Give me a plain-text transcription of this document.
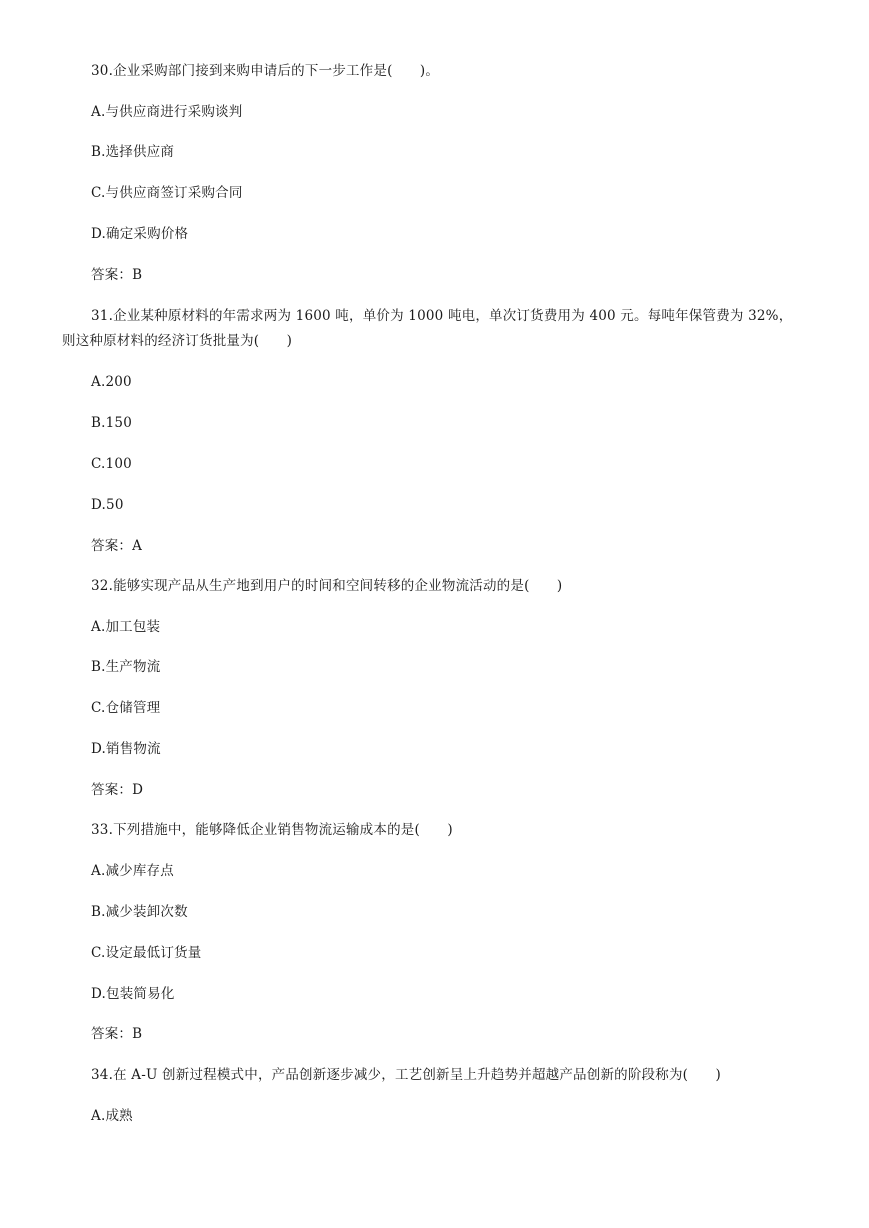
30.企业采购部门接到来购申请后的下一步工作是(　　)。
A.与供应商进行采购谈判
B.选择供应商
C.与供应商签订采购合同
D.确定采购价格
答案：B
31.企业某种原材料的年需求两为 1600 吨，单价为 1000 吨电，单次订货费用为 400 元。每吨年保管费为 32%，
则这种原材料的经济订货批量为(　　)
A.200
B.150
C.100
D.50
答案：A
32.能够实现产品从生产地到用户的时间和空间转移的企业物流活动的是(　　)
A.加工包装
B.生产物流
C.仓储管理
D.销售物流
答案：D
33.下列措施中，能够降低企业销售物流运输成本的是(　　)
A.减少库存点
B.减少装卸次数
C.设定最低订货量
D.包装简易化
答案：B
34.在 A-U 创新过程模式中，产品创新逐步减少，工艺创新呈上升趋势并超越产品创新的阶段称为(　　)
A.成熟
